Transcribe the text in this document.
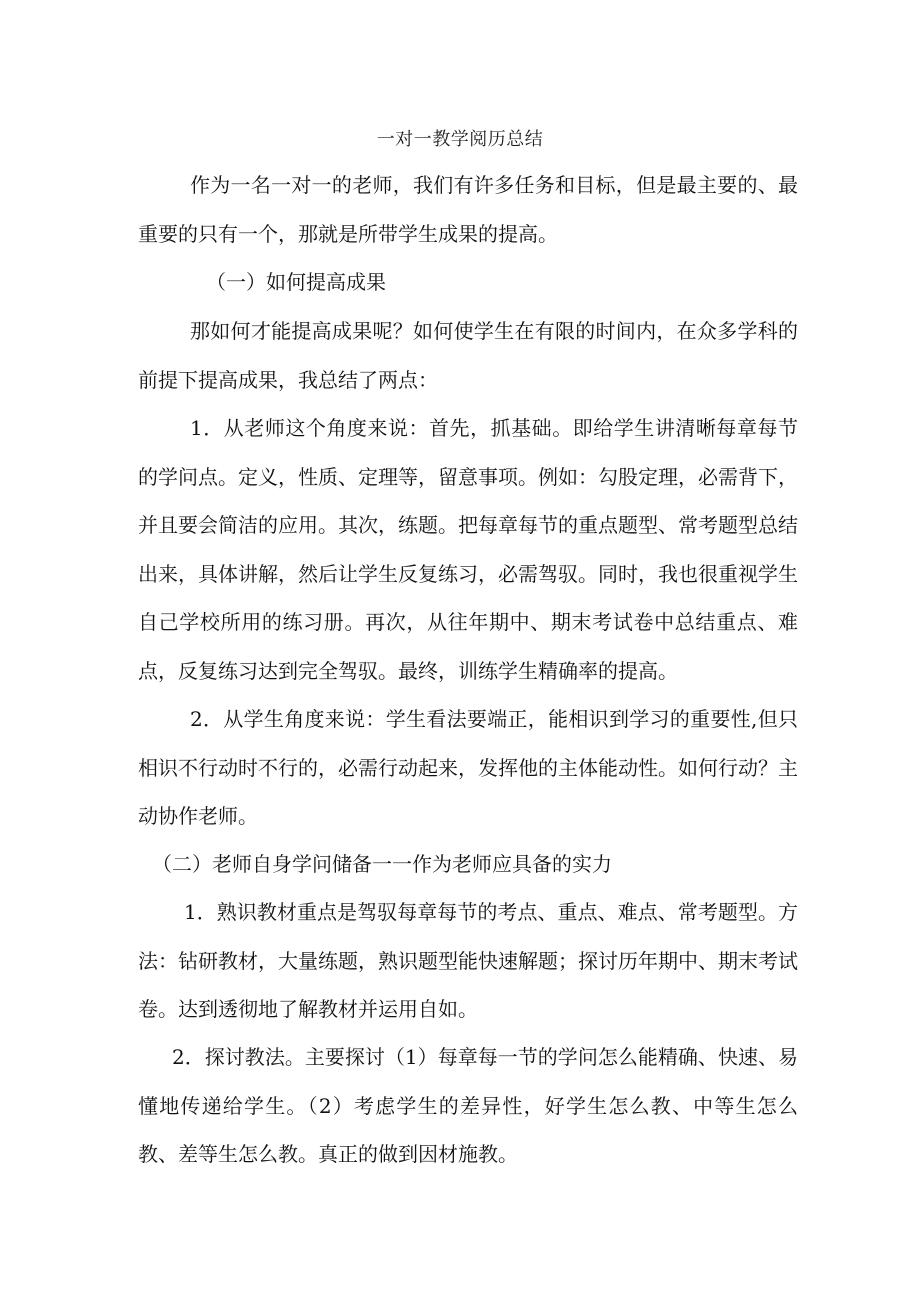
一对一教学阅历总结

作为一名一对一的老师，我们有许多任务和目标，但是最主要的、最重要的只有一个，那就是所带学生成果的提高。

（一）如何提高成果

那如何才能提高成果呢？如何使学生在有限的时间内，在众多学科的前提下提高成果，我总结了两点：

1．从老师这个角度来说：首先，抓基础。即给学生讲清晰每章每节的学问点。定义，性质、定理等，留意事项。例如：勾股定理，必需背下，并且要会简洁的应用。其次，练题。把每章每节的重点题型、常考题型总结出来，具体讲解，然后让学生反复练习，必需驾驭。同时，我也很重视学生自己学校所用的练习册。再次，从往年期中、期末考试卷中总结重点、难点，反复练习达到完全驾驭。最终，训练学生精确率的提高。

2．从学生角度来说：学生看法要端正，能相识到学习的重要性,但只相识不行动时不行的，必需行动起来，发挥他的主体能动性。如何行动？主动协作老师。

（二）老师自身学问储备一一作为老师应具备的实力

1．熟识教材重点是驾驭每章每节的考点、重点、难点、常考题型。方法：钻研教材，大量练题，熟识题型能快速解题；探讨历年期中、期末考试卷。达到透彻地了解教材并运用自如。

2．探讨教法。主要探讨（1）每章每一节的学问怎么能精确、快速、易懂地传递给学生。（2）考虑学生的差异性，好学生怎么教、中等生怎么教、差等生怎么教。真正的做到因材施教。
